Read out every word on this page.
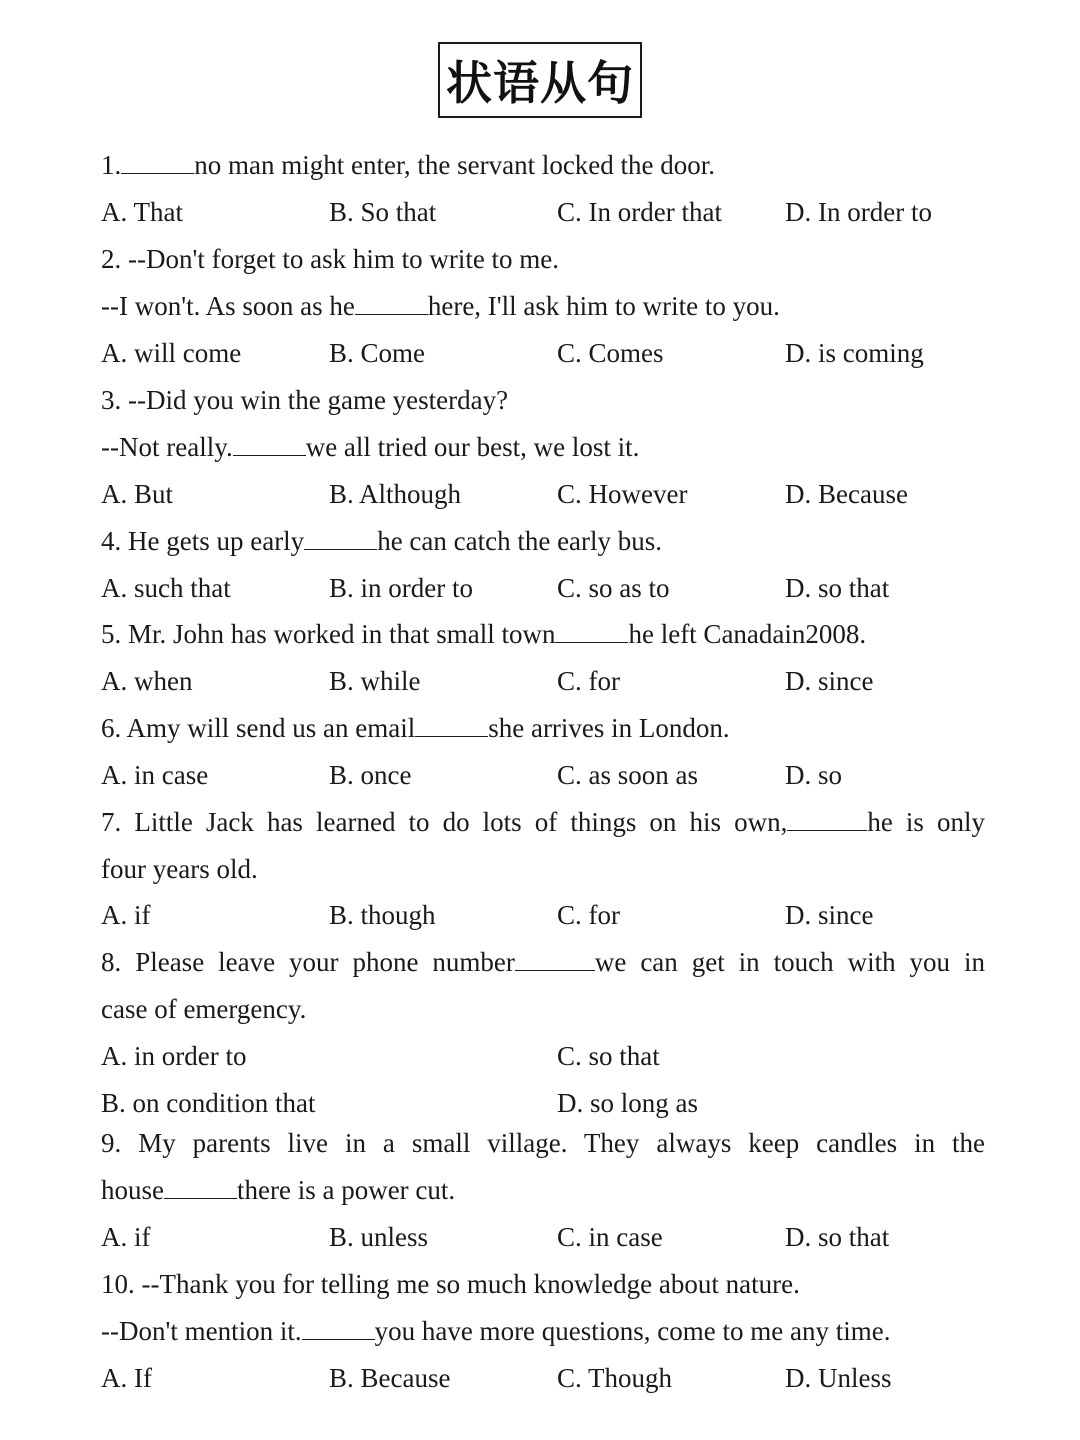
状语从句
1.	no man might enter, the servant locked the door.
A. That	B. So that	C. In order that D. In order to
2. --Don't forget to ask him to write to me.
--I won't. As soon as he	here, I'll ask him to write to you.
A. will come	B. Come	C. Comes	D. is coming
3. --Did you win the game yesterday?
--Not really.	we all tried our best, we lost it.
A. But	B. Although	C. However	D. Because
4. He gets up early	he can catch the early bus.
A. such that	B. in order to	C. so as to	D. so that
5. Mr. John has worked in that small town	he left Canadain2008.
A. when	B. while	C. for	D. since
6. Amy will send us an email	she arrives in London.
A. in case	B. once	C. as soon as	D. so
7. Little Jack has learned to do lots of things on his own,	he is only
four years old.
A. if	B. though	C. for	D. since
8. Please leave your phone number	we can get in touch with you in
case of emergency.
A. in order to	C. so that
B. on condition that	D. so long as
9. My parents live in a small village. They always keep candles in the
house	there is a power cut.
A. if	B. unless	C. in case	D. so that
10. --Thank you for telling me so much knowledge about nature.
--Don't mention it.	you have more questions, come to me any time.
A. If	B. Because	C. Though	D. Unless
